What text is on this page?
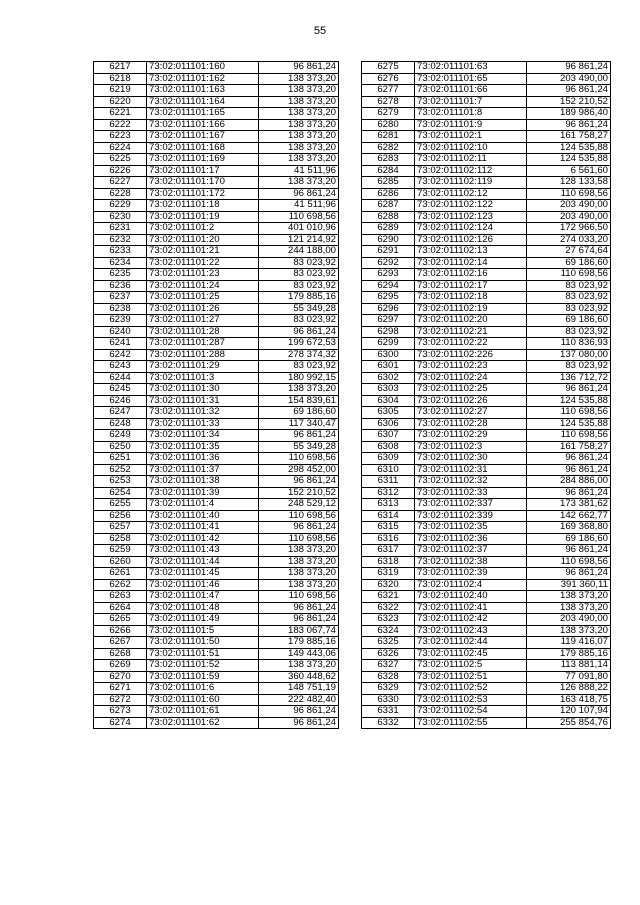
55
6217	73:02:011101:160	96 861,24
6218	73:02:011101:162	138 373,20
6219	73:02:011101:163	138 373,20
6220	73:02:011101:164	138 373,20
6221	73:02:011101:165	138 373,20
6222	73:02:011101:166	138 373,20
6223	73:02:011101:167	138 373,20
6224	73:02:011101:168	138 373,20
6225	73:02:011101:169	138 373,20
6226	73:02:011101:17	41 511,96
6227	73:02:011101:170	138 373,20
6228	73:02:011101:172	96 861,24
6229	73:02:011101:18	41 511,96
6230	73:02:011101:19	110 698,56
6231	73:02:011101:2	401 010,96
6232	73:02:011101:20	121 214,92
6233	73:02:011101:21	244 188,00
6234	73:02:011101:22	83 023,92
6235	73:02:011101:23	83 023,92
6236	73:02:011101:24	83 023,92
6237	73:02:011101:25	179 885,16
6238	73:02:011101:26	55 349,28
6239	73:02:011101:27	83 023,92
6240	73:02:011101:28	96 861,24
6241	73:02:011101:287	199 672,53
6242	73:02:011101:288	278 374,32
6243	73:02:011101:29	83 023,92
6244	73:02:011101:3	180 992,15
6245	73:02:011101:30	138 373,20
6246	73:02:011101:31	154 839,61
6247	73:02:011101:32	69 186,60
6248	73:02:011101:33	117 340,47
6249	73:02:011101:34	96 861,24
6250	73:02:011101:35	55 349,28
6251	73:02:011101:36	110 698,56
6252	73:02:011101:37	298 452,00
6253	73:02:011101:38	96 861,24
6254	73:02:011101:39	152 210,52
6255	73:02:011101:4	248 529,12
6256	73:02:011101:40	110 698,56
6257	73:02:011101:41	96 861,24
6258	73:02:011101:42	110 698,56
6259	73:02:011101:43	138 373,20
6260	73:02:011101:44	138 373,20
6261	73:02:011101:45	138 373,20
6262	73:02:011101:46	138 373,20
6263	73:02:011101:47	110 698,56
6264	73:02:011101:48	96 861,24
6265	73:02:011101:49	96 861,24
6266	73:02:011101:5	183 067,74
6267	73:02:011101:50	179 885,16
6268	73:02:011101:51	149 443,06
6269	73:02:011101:52	138 373,20
6270	73:02:011101:59	360 448,62
6271	73:02:011101:6	148 751,19
6272	73:02:011101:60	222 482,40
6273	73:02:011101:61	96 861,24
6274	73:02:011101:62	96 861,24
6275	73:02:011101:63	96 861,24
6276	73:02:011101:65	203 490,00
6277	73:02:011101:66	96 861,24
6278	73:02:011101:7	152 210,52
6279	73:02:011101:8	189 986,40
6280	73:02:011101:9	96 861,24
6281	73:02:011102:1	161 758,27
6282	73:02:011102:10	124 535,88
6283	73:02:011102:11	124 535,88
6284	73:02:011102:112	6 561,60
6285	73:02:011102:119	128 133,58
6286	73:02:011102:12	110 698,56
6287	73:02:011102:122	203 490,00
6288	73:02:011102:123	203 490,00
6289	73:02:011102:124	172 966,50
6290	73:02:011102:126	274 033,20
6291	73:02:011102:13	27 674,64
6292	73:02:011102:14	69 186,60
6293	73:02:011102:16	110 698,56
6294	73:02:011102:17	83 023,92
6295	73:02:011102:18	83 023,92
6296	73:02:011102:19	83 023,92
6297	73:02:011102:20	69 186,60
6298	73:02:011102:21	83 023,92
6299	73:02:011102:22	110 836,93
6300	73:02:011102:226	137 080,00
6301	73:02:011102:23	83 023,92
6302	73:02:011102:24	136 712,72
6303	73:02:011102:25	96 861,24
6304	73:02:011102:26	124 535,88
6305	73:02:011102:27	110 698,56
6306	73:02:011102:28	124 535,88
6307	73:02:011102:29	110 698,56
6308	73:02:011102:3	161 758,27
6309	73:02:011102:30	96 861,24
6310	73:02:011102:31	96 861,24
6311	73:02:011102:32	284 886,00
6312	73:02:011102:33	96 861,24
6313	73:02:011102:337	173 381,62
6314	73:02:011102:339	142 662,77
6315	73:02:011102:35	169 368,80
6316	73:02:011102:36	69 186,60
6317	73:02:011102:37	96 861,24
6318	73:02:011102:38	110 698,56
6319	73:02:011102:39	96 861,24
6320	73:02:011102:4	391 360,11
6321	73:02:011102:40	138 373,20
6322	73:02:011102:41	138 373,20
6323	73:02:011102:42	203 490,00
6324	73:02:011102:43	138 373,20
6325	73:02:011102:44	119 416,07
6326	73:02:011102:45	179 885,16
6327	73:02:011102:5	113 881,14
6328	73:02:011102:51	77 091,80
6329	73:02:011102:52	126 888,22
6330	73:02:011102:53	163 418,75
6331	73:02:011102:54	120 107,94
6332	73:02:011102:55	255 854,76
